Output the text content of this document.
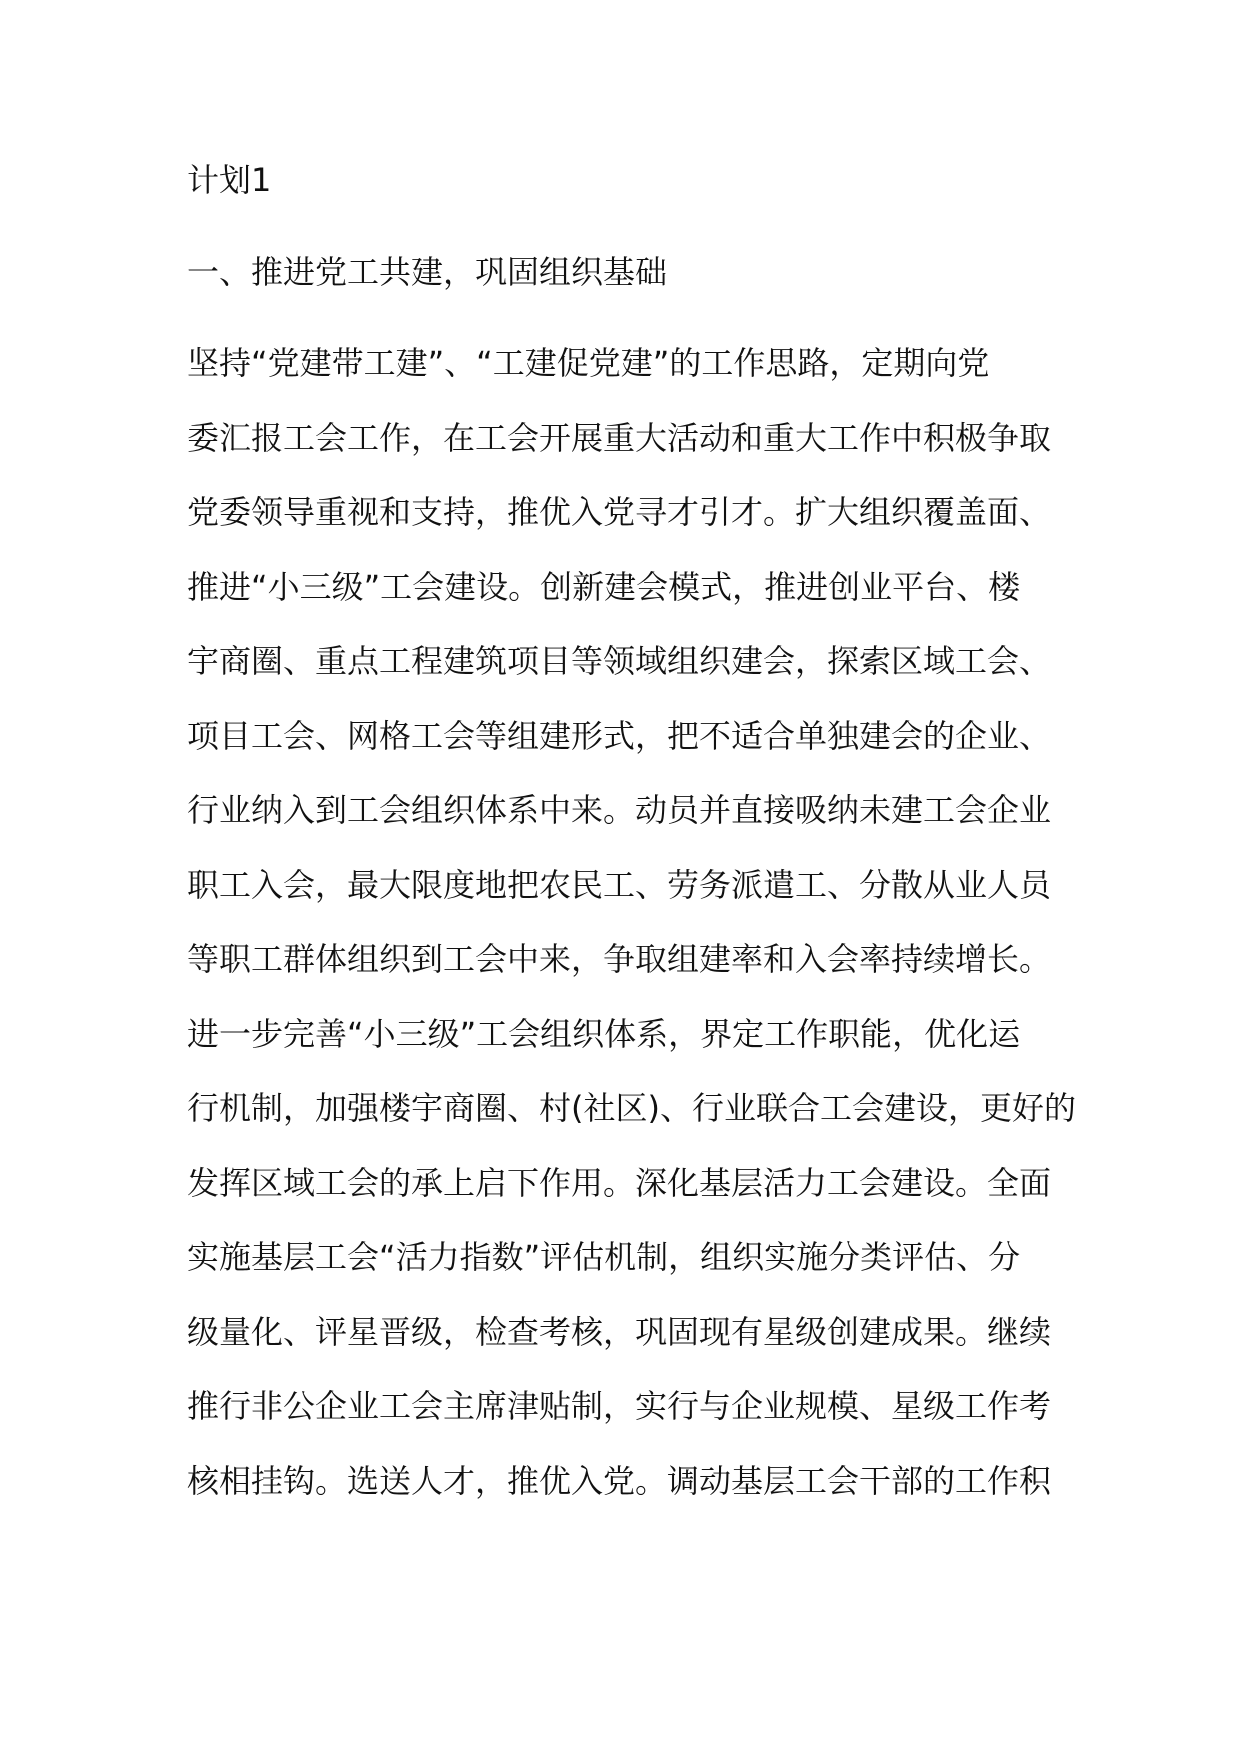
计划1
一、推进党工共建，巩固组织基础
坚持“党建带工建”、“工建促党建”的工作思路，定期向党
委汇报工会工作，在工会开展重大活动和重大工作中积极争取
党委领导重视和支持，推优入党寻才引才。扩大组织覆盖面、
推进“小三级”工会建设。创新建会模式，推进创业平台、楼
宇商圈、重点工程建筑项目等领域组织建会，探索区域工会、
项目工会、网格工会等组建形式，把不适合单独建会的企业、
行业纳入到工会组织体系中来。动员并直接吸纳未建工会企业
职工入会，最大限度地把农民工、劳务派遣工、分散从业人员
等职工群体组织到工会中来，争取组建率和入会率持续增长。
进一步完善“小三级”工会组织体系，界定工作职能，优化运
行机制，加强楼宇商圈、村(社区)、行业联合工会建设，更好的
发挥区域工会的承上启下作用。深化基层活力工会建设。全面
实施基层工会“活力指数”评估机制，组织实施分类评估、分
级量化、评星晋级，检查考核，巩固现有星级创建成果。继续
推行非公企业工会主席津贴制，实行与企业规模、星级工作考
核相挂钩。选送人才，推优入党。调动基层工会干部的工作积
